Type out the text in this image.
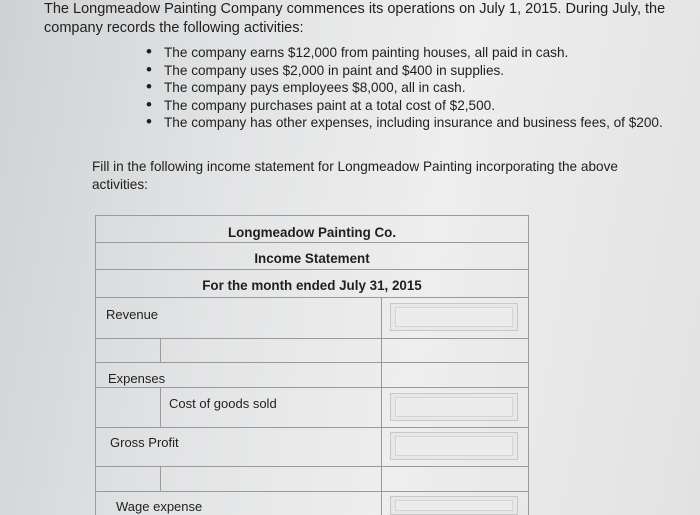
The Longmeadow Painting Company commences its operations on July 1, 2015. During July, the company records the following activities:
• The company earns $12,000 from painting houses, all paid in cash.
• The company uses $2,000 in paint and $400 in supplies.
• The company pays employees $8,000, all in cash.
• The company purchases paint at a total cost of $2,500.
• The company has other expenses, including insurance and business fees, of $200.
Fill in the following income statement for Longmeadow Painting incorporating the above activities:
Longmeadow Painting Co.
Income Statement
For the month ended July 31, 2015
Revenue
Expenses
Cost of goods sold
Gross Profit
Wage expense
